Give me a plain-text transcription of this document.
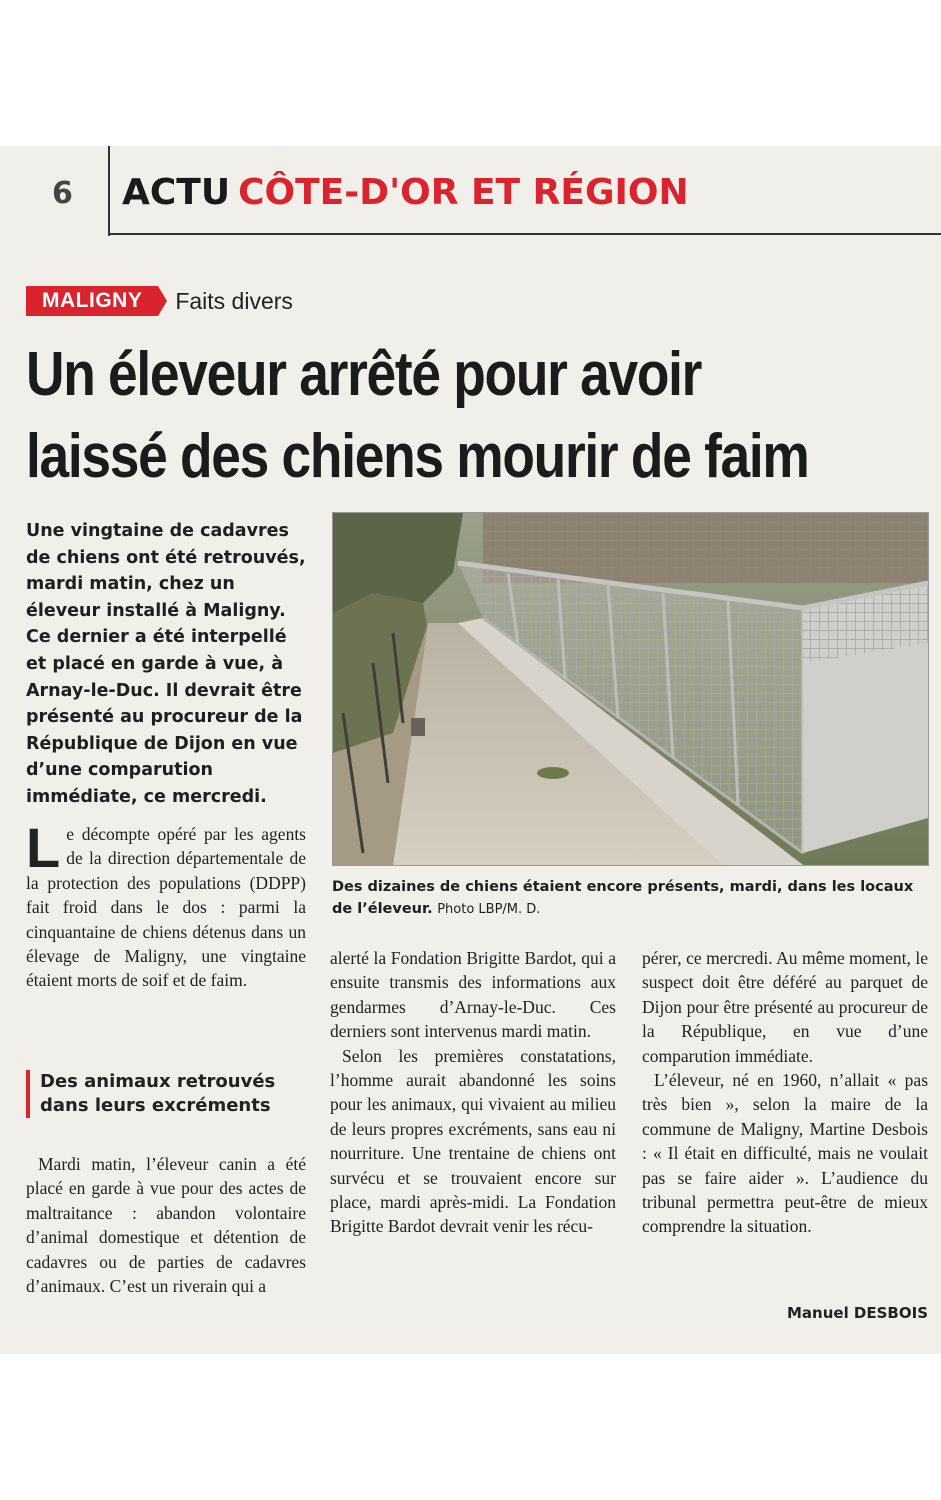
6 ACTU CÔTE-D'OR ET RÉGION
MALIGNY	Faits divers
Un éleveur arrêté pour avoir
laissé des chiens mourir de faim

Une vingtaine de cadavres de chiens ont été retrouvés, mardi matin, chez un éleveur installé à Maligny. Ce dernier a été interpellé et placé en garde à vue, à Arnay-le-Duc. Il devrait être présenté au procureur de la République de Dijon en vue d’une comparution immédiate, ce mercredi.

Des dizaines de chiens étaient encore présents, mardi, dans les locaux de l’éleveur. Photo LBP/M. D.

Le décompte opéré par les agents de la direction départementale de la protection des populations (DDPP) fait froid dans le dos : parmi la cinquantaine de chiens détenus dans un élevage de Maligny, une vingtaine étaient morts de soif et de faim.

Des animaux retrouvés dans leurs excréments

Mardi matin, l’éleveur canin a été placé en garde à vue pour des actes de maltraitance : abandon volontaire d’animal domestique et détention de cadavres ou de parties de cadavres d’animaux. C’est un riverain qui a

alerté la Fondation Brigitte Bardot, qui a ensuite transmis des informations aux gendarmes d’Arnay-le-Duc. Ces derniers sont intervenus mardi matin.

Selon les premières constatations, l’homme aurait abandonné les soins pour les animaux, qui vivaient au milieu de leurs propres excréments, sans eau ni nourriture. Une trentaine de chiens ont survécu et se trouvaient encore sur place, mardi après-midi. La Fondation Brigitte Bardot devrait venir les récu-

pérer, ce mercredi. Au même moment, le suspect doit être déféré au parquet de Dijon pour être présenté au procureur de la République, en vue d’une comparution immédiate.

L’éleveur, né en 1960, n’allait « pas très bien », selon la maire de la commune de Maligny, Martine Desbois : « Il était en difficulté, mais ne voulait pas se faire aider ». L’audience du tribunal permettra peut-être de mieux comprendre la situation.

Manuel DESBOIS
